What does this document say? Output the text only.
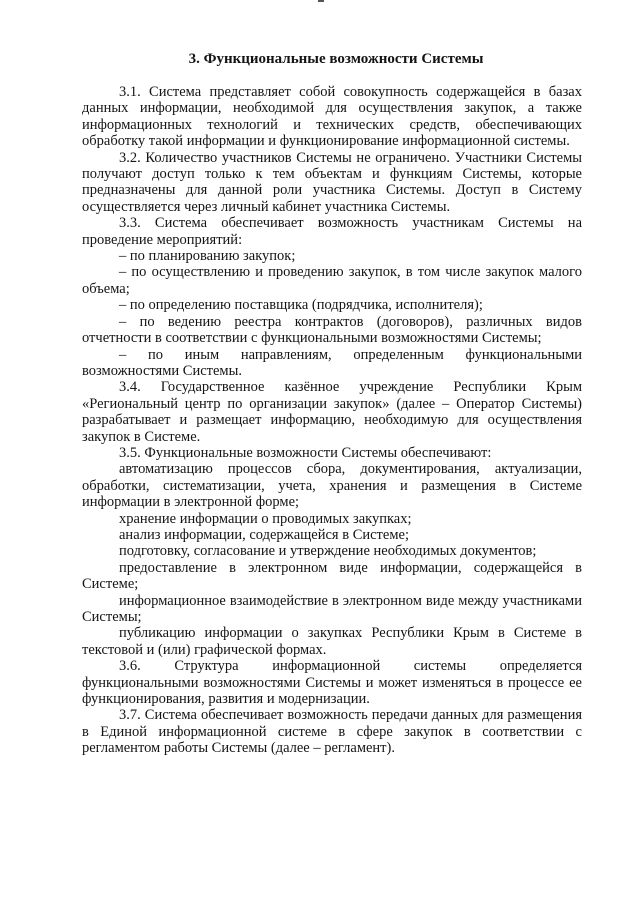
3. Функциональные возможности Системы

3.1. Система представляет собой совокупность содержащейся в базах данных информации, необходимой для осуществления закупок, а также информационных технологий и технических средств, обеспечивающих обработку такой информации и функционирование информационной системы.

3.2. Количество участников Системы не ограничено. Участники Системы получают доступ только к тем объектам и функциям Системы, которые предназначены для данной роли участника Системы. Доступ в Систему осуществляется через личный кабинет участника Системы.

3.3. Система обеспечивает возможность участникам Системы на проведение мероприятий:

– по планированию закупок;

– по осуществлению и проведению закупок, в том числе закупок малого объема;

– по определению поставщика (подрядчика, исполнителя);

– по ведению реестра контрактов (договоров), различных видов отчетности в соответствии с функциональными возможностями Системы;

– по иным направлениям, определенным функциональными возможностями Системы.

3.4. Государственное казённое учреждение Республики Крым «Региональный центр по организации закупок» (далее – Оператор Системы) разрабатывает и размещает информацию, необходимую для осуществления закупок в Системе.

3.5. Функциональные возможности Системы обеспечивают:

автоматизацию процессов сбора, документирования, актуализации, обработки, систематизации, учета, хранения и размещения в Системе информации в электронной форме;

хранение информации о проводимых закупках;

анализ информации, содержащейся в Системе;

подготовку, согласование и утверждение необходимых документов;

предоставление в электронном виде информации, содержащейся в Системе;

информационное взаимодействие в электронном виде между участниками Системы;

публикацию информации о закупках Республики Крым в Системе в текстовой и (или) графической формах.

3.6. Структура информационной системы определяется функциональными возможностями Системы и может изменяться в процессе ее функционирования, развития и модернизации.

3.7. Система обеспечивает возможность передачи данных для размещения в Единой информационной системе в сфере закупок в соответствии с регламентом работы Системы (далее – регламент).
